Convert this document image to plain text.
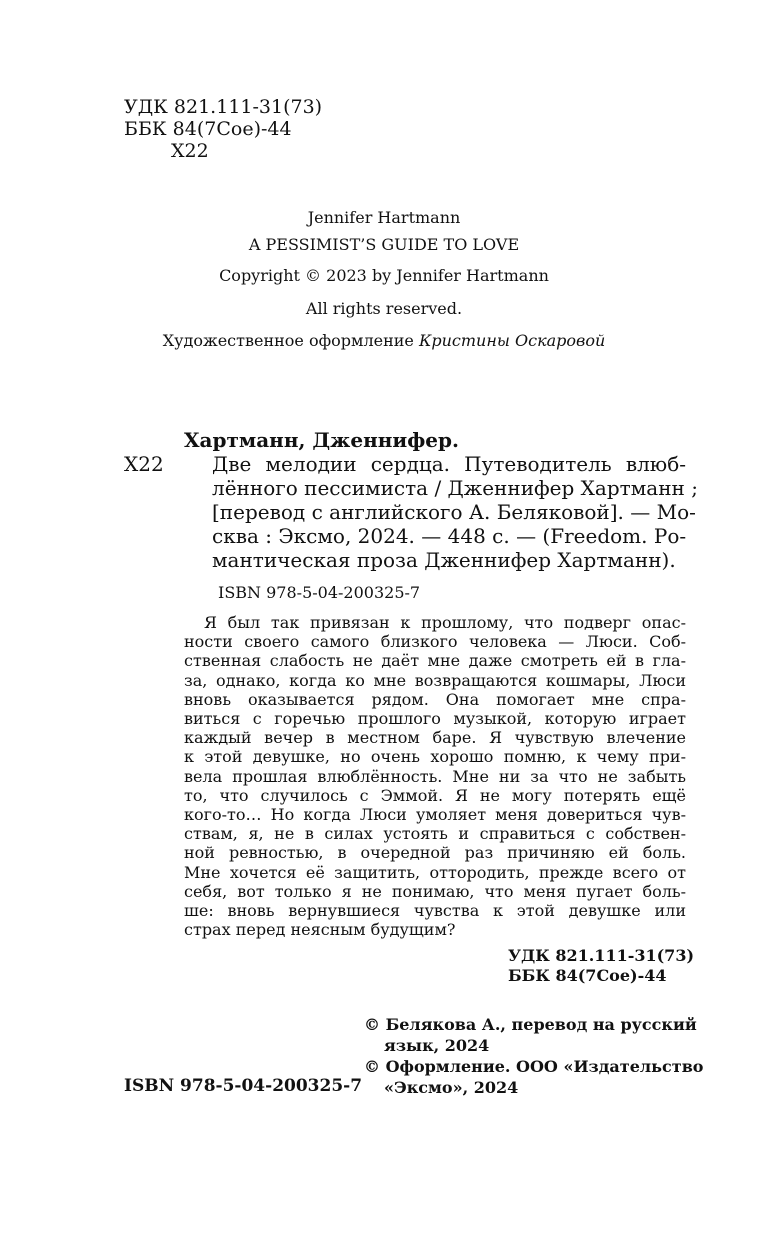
УДК 821.111-31(73)
ББК 84(7Сое)-44
Х22
Jennifer Hartmann
A PESSIMIST’S GUIDE TO LOVE
Copyright © 2023 by Jennifer Hartmann
All rights reserved.
Художественное оформление Кристины Оскаровой
Хартманн, Дженнифер.
Х22 Две мелодии сердца. Путеводитель влюб-
лённого пессимиста / Дженнифер Хартманн ;
[перевод с английского А. Беляковой]. — Мо-
сква : Эксмо, 2024. — 448 с. — (Freedom. Ро-
мантическая проза Дженнифер Хартманн).
ISBN 978-5-04-200325-7
Я был так привязан к прошлому, что подверг опас-
ности своего самого близкого человека — Люси. Соб-
ственная слабость не даёт мне даже смотреть ей в гла-
за, однако, когда ко мне возвращаются кошмары, Люси
вновь оказывается рядом. Она помогает мне спра-
виться с горечью прошлого музыкой, которую играет
каждый вечер в местном баре. Я чувствую влечение
к этой девушке, но очень хорошо помню, к чему при-
вела прошлая влюблённость. Мне ни за что не забыть
то, что случилось с Эммой. Я не могу потерять ещё
кого-то… Но когда Люси умоляет меня довериться чув-
ствам, я, не в силах устоять и справиться с собствен-
ной ревностью, в очередной раз причиняю ей боль.
Мне хочется её защитить, оттородить, прежде всего от
себя, вот только я не понимаю, что меня пугает боль-
ше: вновь вернувшиеся чувства к этой девушке или
страх перед неясным будущим?
УДК 821.111-31(73)
ББК 84(7Сое)-44
© Белякова А., перевод на русский
язык, 2024
© Оформление. ООО «Издательство
«Эксмо», 2024
ISBN 978-5-04-200325-7
